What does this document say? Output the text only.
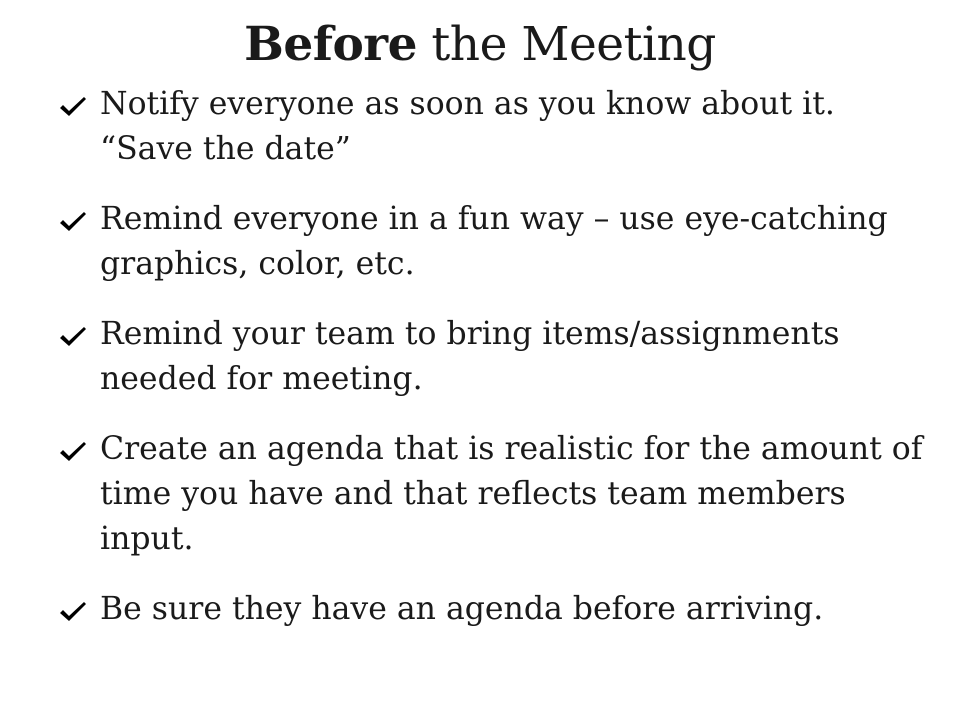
Before the Meeting
Notify everyone as soon as you know about it.
“Save the date”
Remind everyone in a fun way – use eye-catching
graphics, color, etc.
Remind your team to bring items/assignments
needed for meeting.
Create an agenda that is realistic for the amount of
time you have and that reflects team members
input.
Be sure they have an agenda before arriving.
